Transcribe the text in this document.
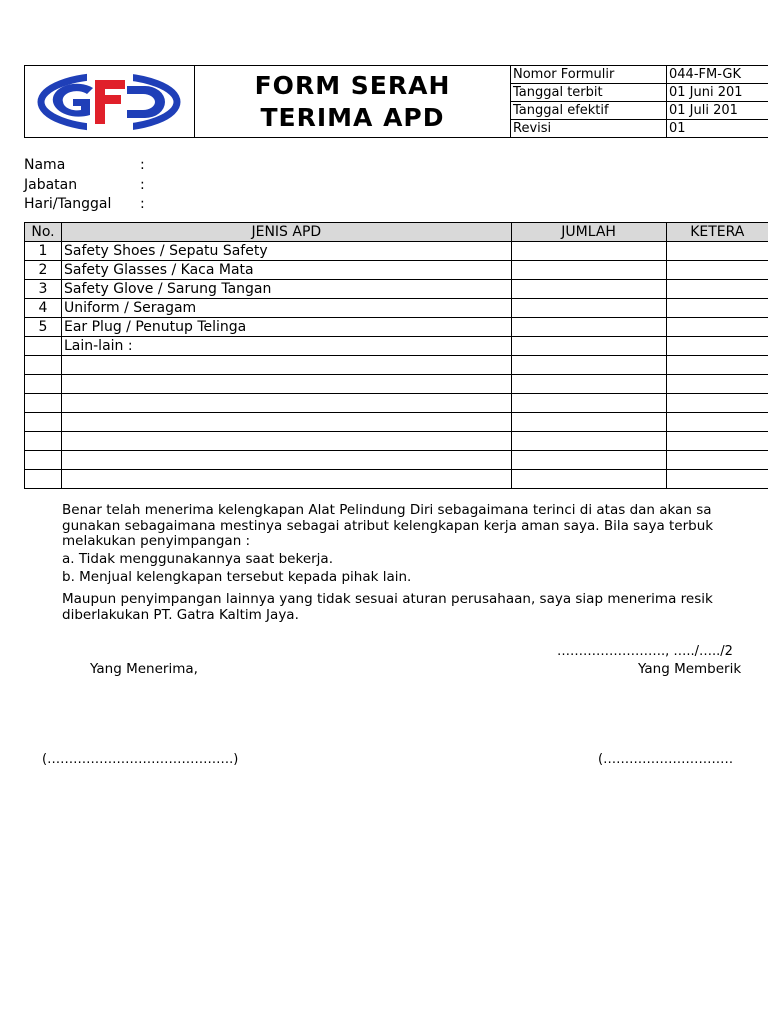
FORM SERAH
TERIMA APD
Nomor Formulir	044-FM-GK
Tanggal terbit	01 Juni 201
Tanggal efektif	01 Juli 201
Revisi	01
Nama	:
Jabatan	:
Hari/Tanggal :
No.	JENIS APD	JUMLAH	KETERA
1	Safety Shoes / Sepatu Safety		
2	Safety Glasses / Kaca Mata		
3	Safety Glove / Sarung Tangan		
4	Uniform / Seragam		
5	Ear Plug / Penutup Telinga		
	Lain-lain :		

Benar telah menerima kelengkapan Alat Pelindung Diri sebagaimana terinci di atas dan akan sa
gunakan sebagaimana mestinya sebagai atribut kelengkapan kerja aman saya. Bila saya terbuk
melakukan penyimpangan :
a. Tidak menggunakannya saat bekerja.
b. Menjual kelengkapan tersebut kepada pihak lain.
Maupun penyimpangan lainnya yang tidak sesuai aturan perusahaan, saya siap menerima resik
diberlakukan PT. Gatra Kaltim Jaya.
……………………., …../…../2
Yang Menerima,	Yang Memberik
(…………………………………….)	(…………………………
